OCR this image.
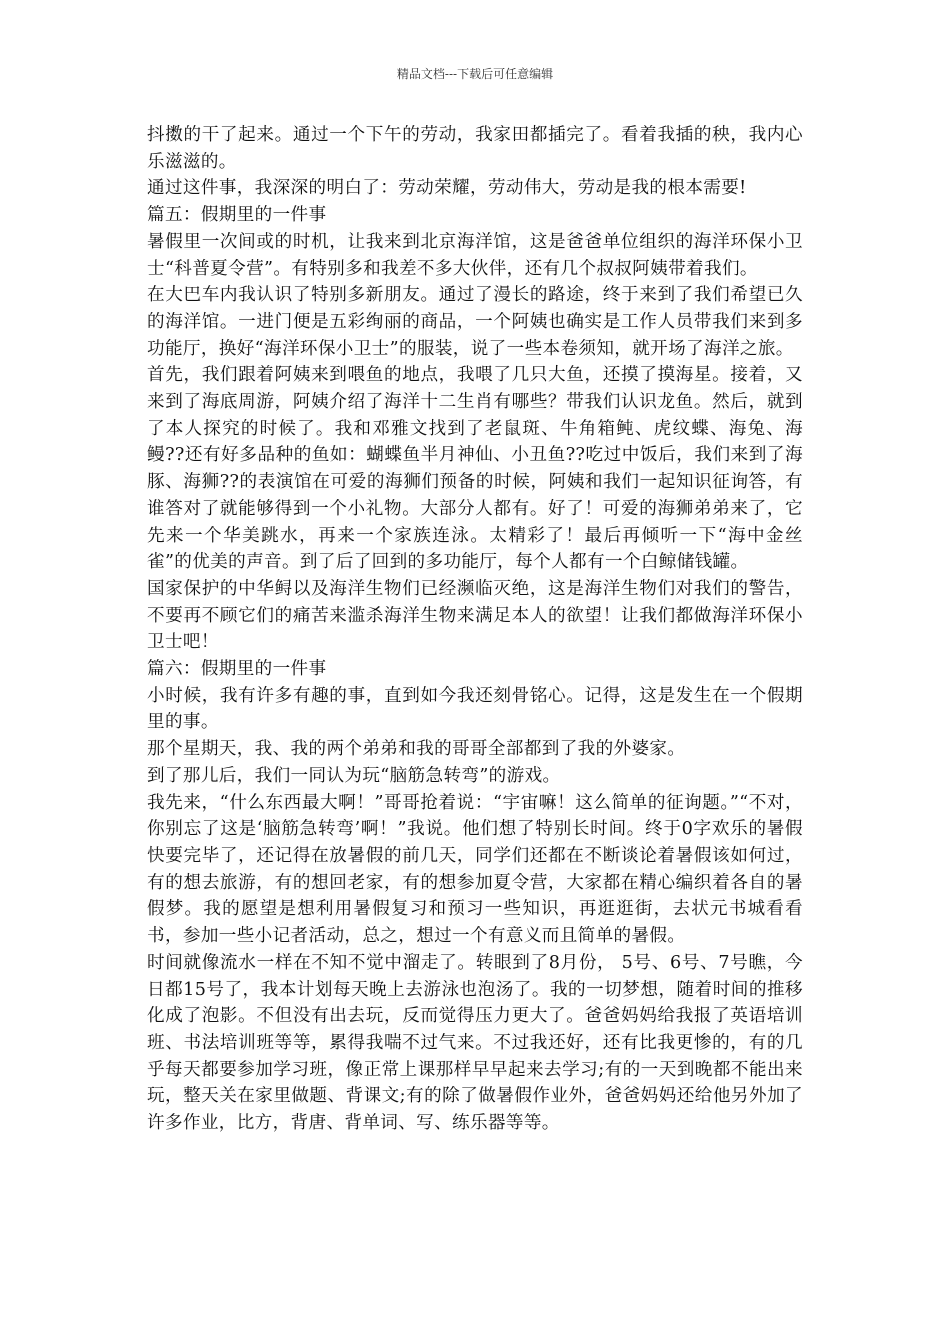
精品文档---下载后可任意编辑

抖擞的干了起来。通过一个下午的劳动，我家田都插完了。看着我插的秧，我内心乐滋滋的。

通过这件事，我深深的明白了：劳动荣耀，劳动伟大，劳动是我的根本需要!

篇五：假期里的一件事

暑假里一次间或的时机，让我来到北京海洋馆，这是爸爸单位组织的海洋环保小卫士“科普夏令营”。有特别多和我差不多大伙伴，还有几个叔叔阿姨带着我们。

在大巴车内我认识了特别多新朋友。通过了漫长的路途，终于来到了我们希望已久的海洋馆。一进门便是五彩绚丽的商品，一个阿姨也确实是工作人员带我们来到多功能厅，换好“海洋环保小卫士”的服装，说了一些本卷须知，就开场了海洋之旅。

首先，我们跟着阿姨来到喂鱼的地点，我喂了几只大鱼，还摸了摸海星。接着，又来到了海底周游，阿姨介绍了海洋十二生肖有哪些？带我们认识龙鱼。然后，就到了本人探究的时候了。我和邓雅文找到了老鼠斑、牛角箱鲀、虎纹蝶、海兔、海鳗??还有好多品种的鱼如：蝴蝶鱼半月神仙、小丑鱼??吃过中饭后，我们来到了海豚、海狮??的表演馆在可爱的海狮们预备的时候，阿姨和我们一起知识征询答，有谁答对了就能够得到一个小礼物。大部分人都有。好了！可爱的海狮弟弟来了，它先来一个华美跳水，再来一个家族连泳。太精彩了！最后再倾听一下“海中金丝雀”的优美的声音。到了后了回到的多功能厅，每个人都有一个白鲸储钱罐。

国家保护的中华鲟以及海洋生物们已经濒临灭绝，这是海洋生物们对我们的警告，不要再不顾它们的痛苦来滥杀海洋生物来满足本人的欲望！让我们都做海洋环保小卫士吧！

篇六：假期里的一件事

小时候，我有许多有趣的事，直到如今我还刻骨铭心。记得，这是发生在一个假期里的事。

那个星期天，我、我的两个弟弟和我的哥哥全部都到了我的外婆家。

到了那儿后，我们一同认为玩“脑筋急转弯”的游戏。

我先来，“什么东西最大啊！”哥哥抢着说：“宇宙嘛！这么简单的征询题。”“不对，你别忘了这是‘脑筋急转弯’啊！”我说。他们想了特别长时间。终于0字欢乐的暑假快要完毕了，还记得在放暑假的前几天，同学们还都在不断谈论着暑假该如何过，有的想去旅游，有的想回老家，有的想参加夏令营，大家都在精心编织着各自的暑假梦。我的愿望是想利用暑假复习和预习一些知识，再逛逛街，去状元书城看看书，参加一些小记者活动，总之，想过一个有意义而且简单的暑假。

时间就像流水一样在不知不觉中溜走了。转眼到了8月份， 5号、6号、7号瞧，今日都15号了，我本计划每天晚上去游泳也泡汤了。我的一切梦想，随着时间的推移化成了泡影。不但没有出去玩，反而觉得压力更大了。爸爸妈妈给我报了英语培训班、书法培训班等等，累得我喘不过气来。不过我还好，还有比我更惨的，有的几乎每天都要参加学习班，像正常上课那样早早起来去学习;有的一天到晚都不能出来玩，整天关在家里做题、背课文;有的除了做暑假作业外，爸爸妈妈还给他另外加了许多作业，比方，背唐、背单词、写、练乐器等等。
